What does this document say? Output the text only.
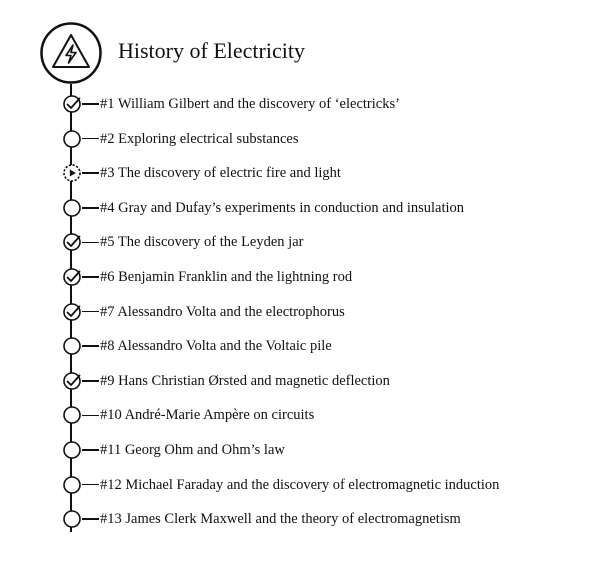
History of Electricity
#1 William Gilbert and the discovery of ‘electricks’
#2 Exploring electrical substances
#3 The discovery of electric fire and light
#4 Gray and Dufay’s experiments in conduction and insulation
#5 The discovery of the Leyden jar
#6 Benjamin Franklin and the lightning rod
#7 Alessandro Volta and the electrophorus
#8 Alessandro Volta and the Voltaic pile
#9 Hans Christian Ørsted and magnetic deflection
#10 André-Marie Ampère on circuits
#11 Georg Ohm and Ohm’s law
#12 Michael Faraday and the discovery of electromagnetic induction
#13 James Clerk Maxwell and the theory of electromagnetism
